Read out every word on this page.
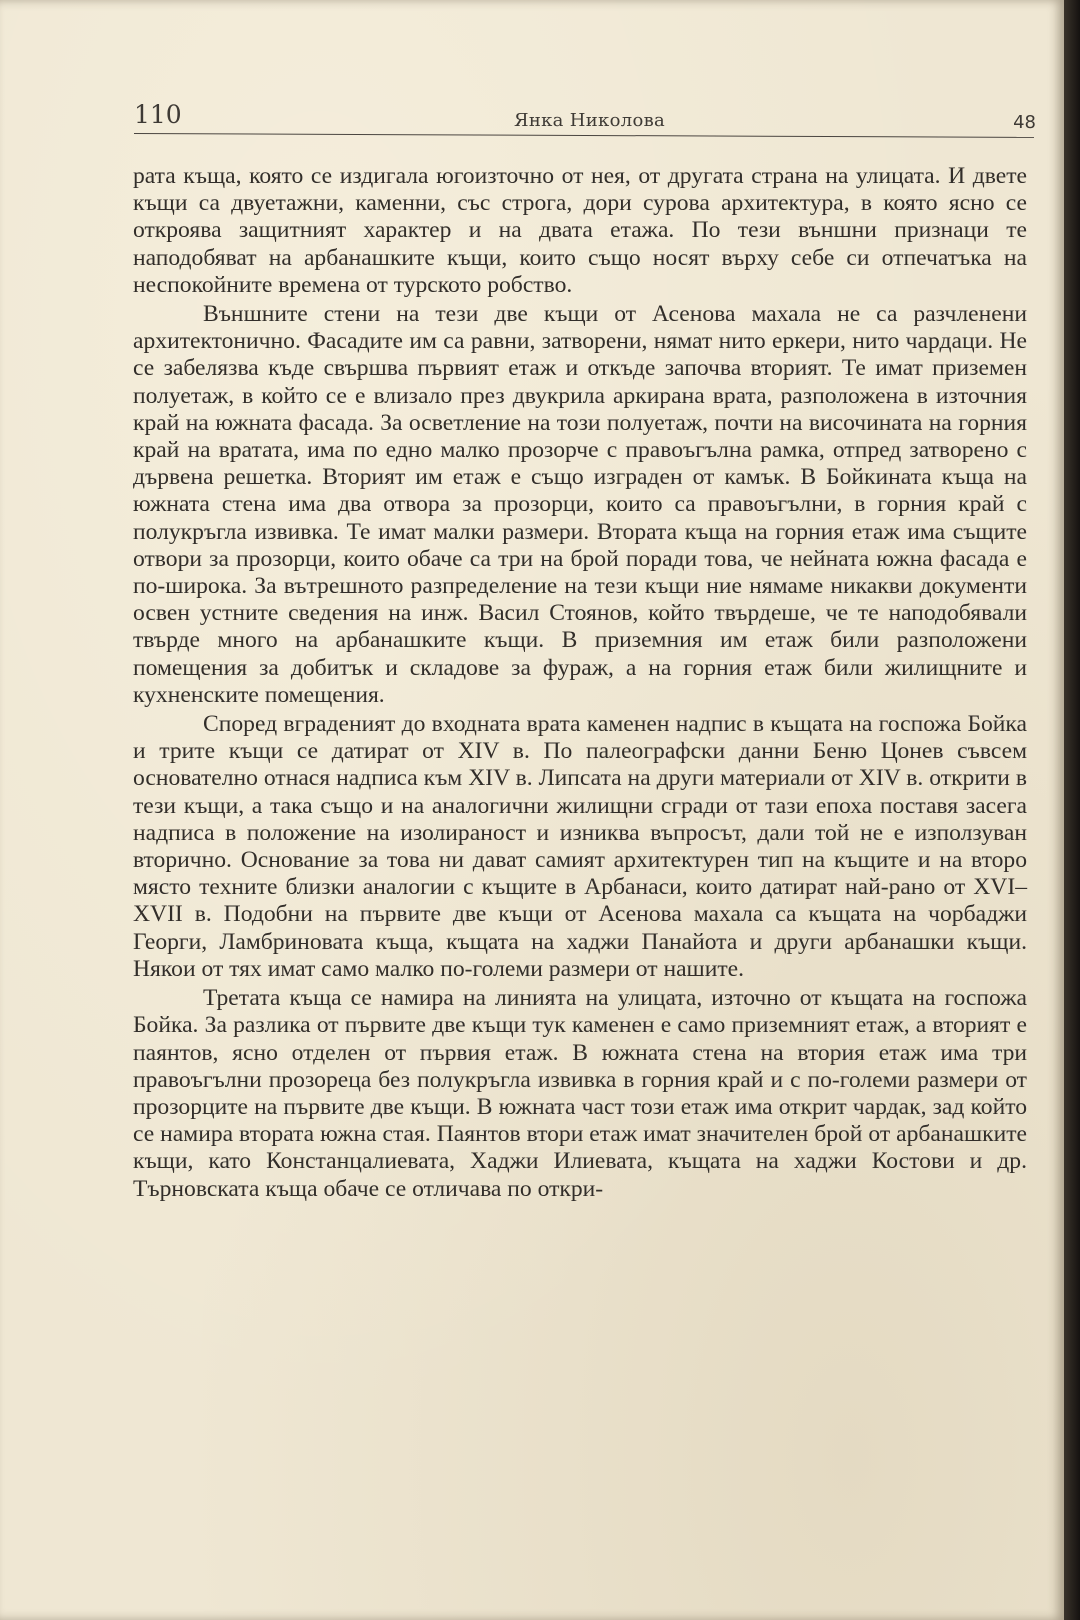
110	Янка Николова	48

рата къща, която се издигала югоизточно от нея, от другата страна на улицата. И двете къщи са двуетажни, каменни, със строга, дори сурова архитектура, в която ясно се откроява защитният характер и на двата етажа. По тези външни признаци те наподобяват на арбанашките къщи, които също носят върху себе си отпечатъка на неспокойните времена от турското робство.

Външните стени на тези две къщи от Асенова махала не са разчленени архитектонично. Фасадите им са равни, затворени, нямат нито еркери, нито чардаци. Не се забелязва къде свършва първият етаж и откъде започва вторият. Те имат приземен полуетаж, в който се е влизало през двукрила аркирана врата, разположена в източния край на южната фасада. За осветление на този полуетаж, почти на височината на горния край на вратата, има по едно малко прозорче с правоъгълна рамка, отпред затворено с дървена решетка. Вторият им етаж е също изграден от камък. В Бойкината къща на южната стена има два отвора за прозорци, които са правоъгълни, в горния край с полукръгла извивка. Те имат малки размери. Втората къща на горния етаж има същите отвори за прозорци, които обаче са три на брой поради това, че нейната южна фасада е по-широка. За вътрешното разпределение на тези къщи ние нямаме никакви документи освен устните сведения на инж. Васил Стоянов, който твърдеше, че те наподобявали твърде много на арбанашките къщи. В приземния им етаж били разположени помещения за добитък и складове за фураж, а на горния етаж били жилищните и кухненските помещения.

Според вграденият до входната врата каменен надпис в къщата на госпожа Бойка и трите къщи се датират от XIV в. По палеографски данни Беню Цонев съвсем основателно отнася надписа към XIV в. Липсата на други материали от XIV в. открити в тези къщи, а така също и на аналогични жилищни сгради от тази епоха поставя засега надписа в положение на изолираност и изниква въпросът, дали той не е използуван вторично. Основание за това ни дават самият архитектурен тип на къщите и на второ място техните близки аналогии с къщите в Арбанаси, които датират най-рано от XVI–XVII в. Подобни на първите две къщи от Асенова махала са къщата на чорбаджи Георги, Ламбриновата къща, къщата на хаджи Панайота и други арбанашки къщи. Някои от тях имат само малко по-големи размери от нашите.

Третата къща се намира на линията на улицата, източно от къщата на госпожа Бойка. За разлика от първите две къщи тук каменен е само приземният етаж, а вторият е паянтов, ясно отделен от първия етаж. В южната стена на втория етаж има три правоъгълни прозореца без полукръгла извивка в горния край и с по-големи размери от прозорците на първите две къщи. В южната част този етаж има открит чардак, зад който се намира втората южна стая. Паянтов втори етаж имат значителен брой от арбанашките къщи, като Констанцалиевата, Хаджи Илиевата, къщата на хаджи Костови и др. Търновската къща обаче се отличава по откри-
